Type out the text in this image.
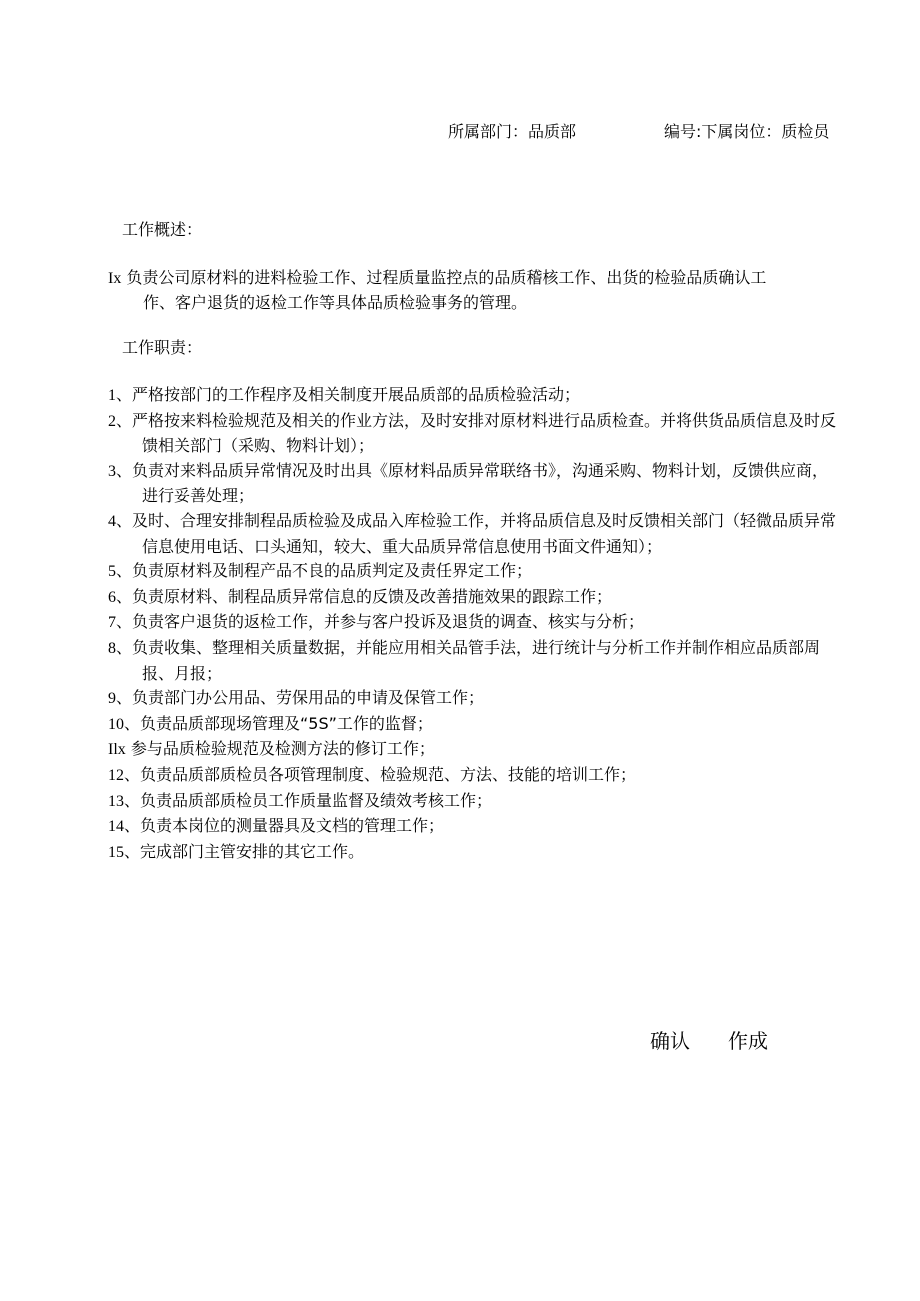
所属部门：品质部	编号:下属岗位：质检员
工作概述：
Ix 负责公司原材料的进料检验工作、过程质量监控点的品质稽核工作、出货的检验品质确认工
作、客户退货的返检工作等具体品质检验事务的管理。
工作职责：
1、严格按部门的工作程序及相关制度开展品质部的品质检验活动；
2、严格按来料检验规范及相关的作业方法，及时安排对原材料进行品质检查。并将供货品质信息及时反馈相关部门（采购、物料计划）；
3、负责对来料品质异常情况及时出具《原材料品质异常联络书》，沟通采购、物料计划，反馈供应商，进行妥善处理；
4、及时、合理安排制程品质检验及成品入库检验工作，并将品质信息及时反馈相关部门（轻微品质异常信息使用电话、口头通知，较大、重大品质异常信息使用书面文件通知）；
5、负责原材料及制程产品不良的品质判定及责任界定工作；
6、负责原材料、制程品质异常信息的反馈及改善措施效果的跟踪工作；
7、负责客户退货的返检工作，并参与客户投诉及退货的调查、核实与分析；
8、负责收集、整理相关质量数据，并能应用相关品管手法，进行统计与分析工作并制作相应品质部周报、月报；
9、负责部门办公用品、劳保用品的申请及保管工作；
10、负责品质部现场管理及“5S”工作的监督；
Ilx 参与品质检验规范及检测方法的修订工作；
12、负责品质部质检员各项管理制度、检验规范、方法、技能的培训工作；
13、负责品质部质检员工作质量监督及绩效考核工作；
14、负责本岗位的测量器具及文档的管理工作；
15、完成部门主管安排的其它工作。
确认 作成
